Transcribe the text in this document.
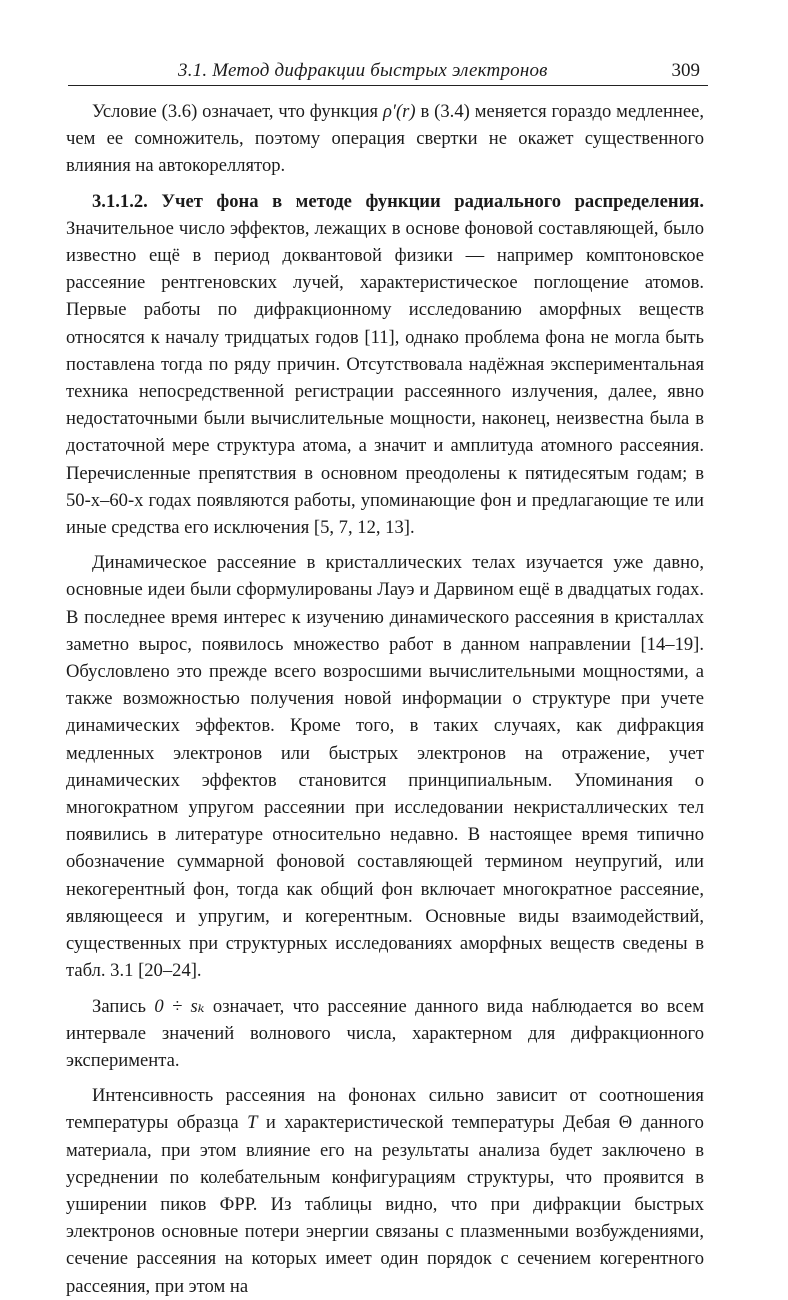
3.1. Метод дифракции быстрых электронов	309

Условие (3.6) означает, что функция ρ′(r) в (3.4) меняется гораздо медленнее, чем ее сомножитель, поэтому операция свертки не окажет существенного влияния на автокореллятор.

3.1.1.2. Учет фона в методе функции радиального распределения. Значительное число эффектов, лежащих в основе фоновой составляющей, было известно ещё в период доквантовой физики — например комптоновское рассеяние рентгеновских лучей, характеристическое поглощение атомов. Первые работы по дифракционному исследованию аморфных веществ относятся к началу тридцатых годов [11], однако проблема фона не могла быть поставлена тогда по ряду причин. Отсутствовала надёжная экспериментальная техника непосредственной регистрации рассеянного излучения, далее, явно недостаточными были вычислительные мощности, наконец, неизвестна была в достаточной мере структура атома, а значит и амплитуда атомного рассеяния. Перечисленные препятствия в основном преодолены к пятидесятым годам; в 50-х–60-х годах появляются работы, упоминающие фон и предлагающие те или иные средства его исключения [5, 7, 12, 13].

Динамическое рассеяние в кристаллических телах изучается уже давно, основные идеи были сформулированы Лауэ и Дарвином ещё в двадцатых годах. В последнее время интерес к изучению динамического рассеяния в кристаллах заметно вырос, появилось множество работ в данном направлении [14–19]. Обусловлено это прежде всего возросшими вычислительными мощностями, а также возможностью получения новой информации о структуре при учете динамических эффектов. Кроме того, в таких случаях, как дифракция медленных электронов или быстрых электронов на отражение, учет динамических эффектов становится принципиальным. Упоминания о многократном упругом рассеянии при исследовании некристаллических тел появились в литературе относительно недавно. В настоящее время типично обозначение суммарной фоновой составляющей термином неупругий, или некогерентный фон, тогда как общий фон включает многократное рассеяние, являющееся и упругим, и когерентным. Основные виды взаимодействий, существенных при структурных исследованиях аморфных веществ сведены в табл. 3.1 [20–24].

Запись 0 ÷ sₖ означает, что рассеяние данного вида наблюдается во всем интервале значений волнового числа, характерном для дифракционного эксперимента.

Интенсивность рассеяния на фононах сильно зависит от соотношения температуры образца T и характеристической температуры Дебая Θ данного материала, при этом влияние его на результаты анализа будет заключено в усреднении по колебательным конфигурациям структуры, что проявится в уширении пиков ФРР. Из таблицы видно, что при дифракции быстрых электронов основные потери энергии связаны с плазменными возбуждениями, сечение рассеяния на которых имеет один порядок с сечением когерентного рассеяния, при этом на
